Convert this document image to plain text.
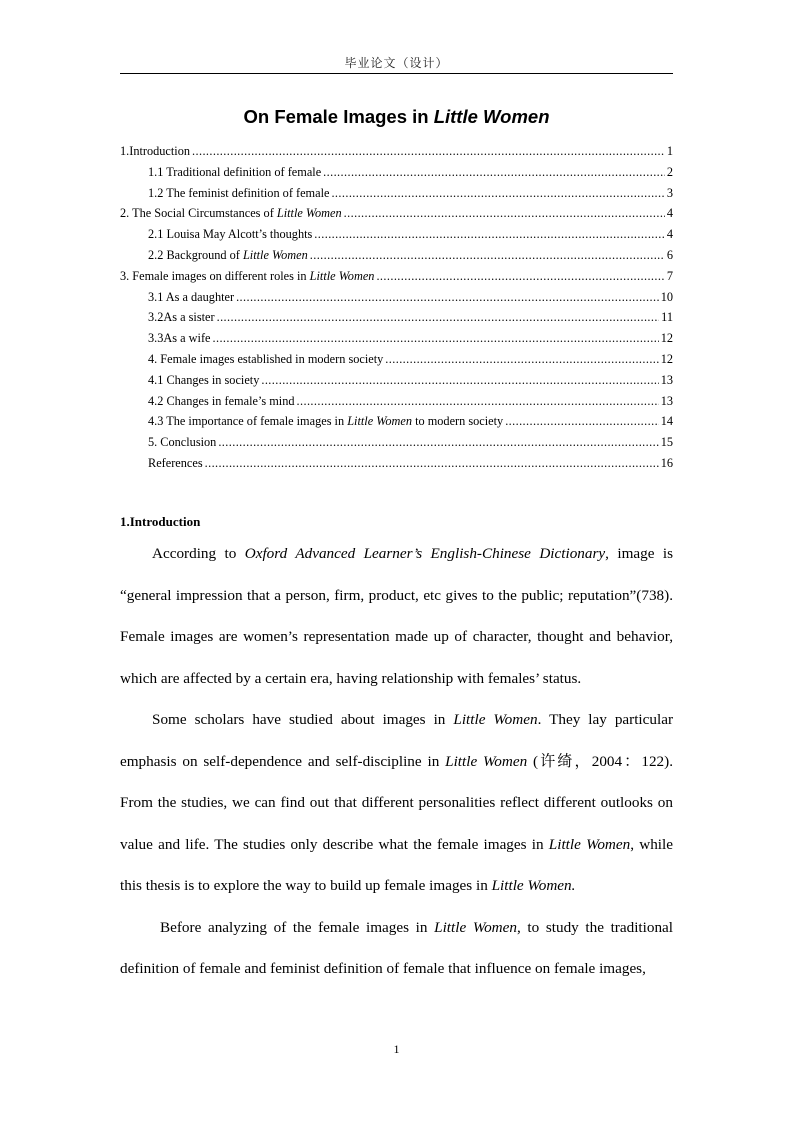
毕业论文（设计）
On Female Images in Little Women
1.Introduction .....	1
1.1 Traditional definition of female .....	2
1.2 The feminist definition of female .....	3
2. The Social Circumstances of Little Women .....	4
2.1 Louisa May Alcott’s thoughts .....	4
2.2 Background of Little Women .....	6
3. Female images on different roles in Little Women .....	7
3.1 As a daughter .....	10
3.2As a sister .....	11
3.3As a wife .....	12
4. Female images established in modern society .....	12
4.1 Changes in society .....	13
4.2 Changes in female’s mind .....	13
4.3 The importance of female images in Little Women to modern society .....	14
5. Conclusion .....	15
References .....	16
1.Introduction

According to Oxford Advanced Learner’s English-Chinese Dictionary, image is “general impression that a person, firm, product, etc gives to the public; reputation”(738). Female images are women’s representation made up of character, thought and behavior, which are affected by a certain era, having relationship with females’ status.

Some scholars have studied about images in Little Women. They lay particular emphasis on self-dependence and self-discipline in Little Women (许绮，2004：122). From the studies, we can find out that different personalities reflect different outlooks on value and life. The studies only describe what the female images in Little Women, while this thesis is to explore the way to build up female images in Little Women.

Before analyzing of the female images in Little Women, to study the traditional definition of female and feminist definition of female that influence on female images,

1
